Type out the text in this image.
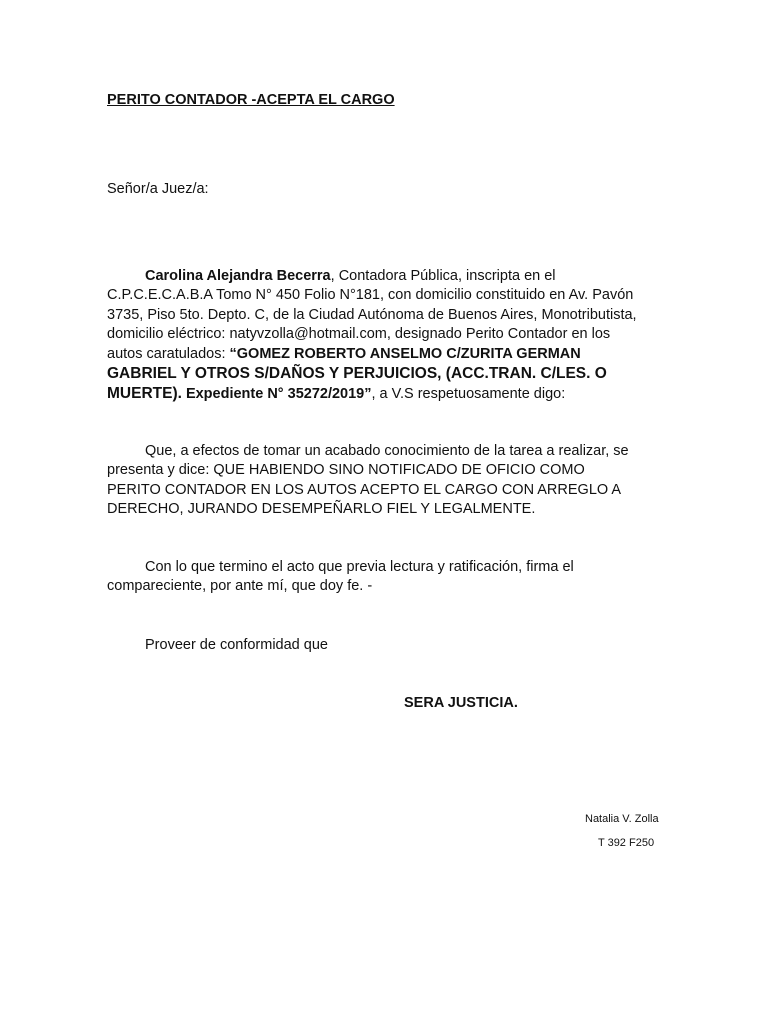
PERITO CONTADOR -ACEPTA EL CARGO
Señor/a Juez/a:
Carolina Alejandra Becerra, Contadora Pública, inscripta en el
C.P.C.E.C.A.B.A Tomo N° 450 Folio N°181, con domicilio constituido en Av. Pavón
3735, Piso 5to. Depto. C, de la Ciudad Autónoma de Buenos Aires, Monotributista,
domicilio eléctrico: natyvzolla@hotmail.com, designado Perito Contador en los
autos caratulados: “GOMEZ ROBERTO ANSELMO C/ZURITA GERMAN
GABRIEL Y OTROS S/DAÑOS Y PERJUICIOS, (ACC.TRAN. C/LES. O
MUERTE). Expediente N° 35272/2019”, a V.S respetuosamente digo:
Que, a efectos de tomar un acabado conocimiento de la tarea a realizar, se
presenta y dice: QUE HABIENDO SINO NOTIFICADO DE OFICIO COMO
PERITO CONTADOR EN LOS AUTOS ACEPTO EL CARGO CON ARREGLO A
DERECHO, JURANDO DESEMPEÑARLO FIEL Y LEGALMENTE.
Con lo que termino el acto que previa lectura y ratificación, firma el
compareciente, por ante mí, que doy fe. -
Proveer de conformidad que
SERA JUSTICIA.
Natalia V. Zolla
T 392 F250
